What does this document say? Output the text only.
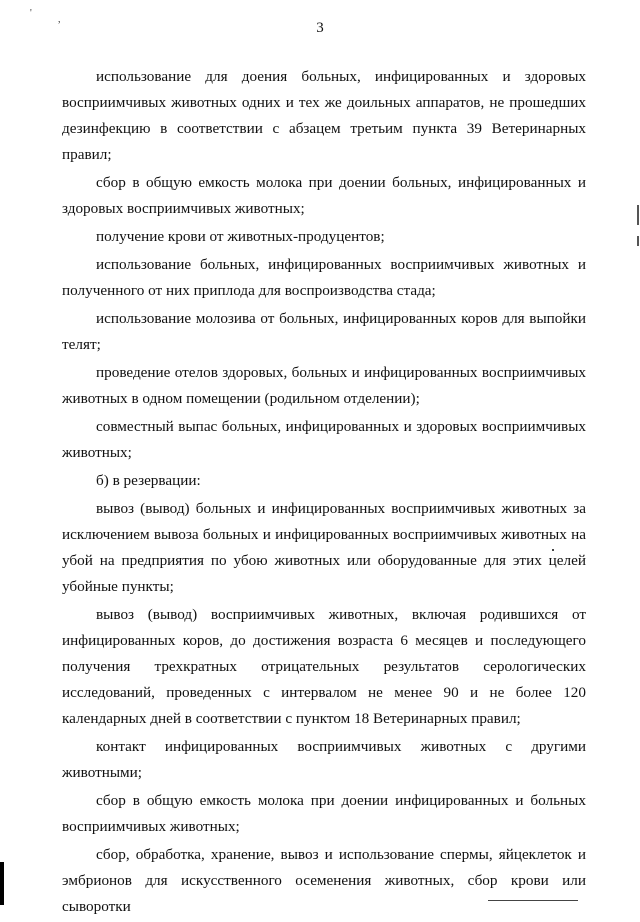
'
,
3

использование для доения больных, инфицированных и здоровых восприимчивых животных одних и тех же доильных аппаратов, не прошедших дезинфекцию в соответствии с абзацем третьим пункта 39 Ветеринарных правил;

сбор в общую емкость молока при доении больных, инфицированных и здоровых восприимчивых животных;

получение крови от животных-продуцентов;

использование больных, инфицированных восприимчивых животных и полученного от них приплода для воспроизводства стада;

использование молозива от больных, инфицированных коров для выпойки телят;

проведение отелов здоровых, больных и инфицированных восприимчивых животных в одном помещении (родильном отделении);

совместный выпас больных, инфицированных и здоровых восприимчивых животных;

б) в резервации:

вывоз (вывод) больных и инфицированных восприимчивых животных за исключением вывоза больных и инфицированных восприимчивых животных на убой на предприятия по убою животных или оборудованные для этих целей убойные пункты;

вывоз (вывод) восприимчивых животных, включая родившихся от инфицированных коров, до достижения возраста 6 месяцев и последующего получения трехкратных отрицательных результатов серологических исследований, проведенных с интервалом не менее 90 и не более 120 календарных дней в соответствии с пунктом 18 Ветеринарных правил;

контакт инфицированных восприимчивых животных с другими животными;

сбор в общую емкость молока при доении инфицированных и больных восприимчивых животных;

сбор, обработка, хранение, вывоз и использование спермы, яйцеклеток и эмбрионов для искусственного осеменения животных, сбор крови или сыворотки
